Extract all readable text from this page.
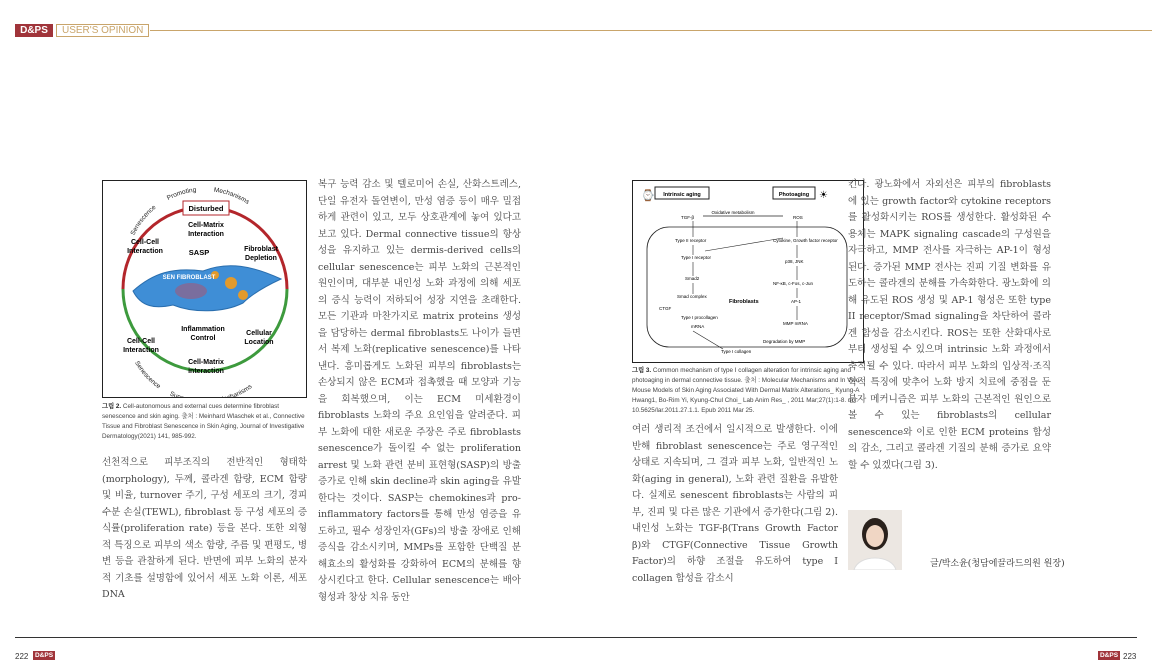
D&PS	USER'S OPINION
Senescence
Promoting	Mechanisms
Senescence
Su	hanisms
Disturbed
Cell-Matrix
Interaction
Cell-Cell
Interaction	SASP	Fibroblast
Depletion
SEN FIBROBLAST
Inflammation
Control
Cellular
Location
Cell-Cell
Interaction
Cell-Matrix
interaction
그림 2. Cell-autonomous and external cues determine fibroblast senescence and skin aging. 출처 : Meinhard Wlaschek et al., Connective Tissue and Fibroblast Senescence in Skin Aging, Journal of Investigative Dermatology(2021) 141, 985-992.

선천적으로 피부조직의 전반적인 형태학(morphology), 두께, 콜라겐 함량, ECM 함량 및 비율, turnover 주기, 구성 세포의 크기, 경피 수분 손실(TEWL), fibroblast 등 구성 세포의 증식률(proliferation rate) 등을 본다. 또한 외형적 특징으로 피부의 색소 함량, 주름 및 편평도, 병변 등을 관찰하게 된다. 반면에 피부 노화의 분자적 기초를 설명함에 있어서 세포 노화 이론, 세포 DNA

복구 능력 감소 및 텔로미어 손실, 산화스트레스, 단일 유전자 돌연변이, 만성 염증 등이 매우 밀접하게 관련이 있고, 모두 상호관계에 놓여 있다고 보고 있다. Dermal connective tissue의 항상성을 유지하고 있는 dermis-derived cells의 cellular senescence는 피부 노화의 근본적인 원인이며, 대부분 내인성 노화 과정에 의해 세포의 증식 능력이 저하되어 성장 지연을 초래한다. 모든 기관과 마찬가지로 matrix proteins 생성을 담당하는 dermal fibroblasts도 나이가 들면서 복제 노화(replicative senescence)를 나타낸다. 흥미롭게도 노화된 피부의 fibroblasts는 손상되지 않은 ECM과 접촉했을 때 모양과 기능을 회복했으며, 이는 ECM 미세환경이 fibroblasts 노화의 주요 요인임을 알려준다. 피부 노화에 대한 새로운 주장은 주로 fibroblasts senescence가 돌이킬 수 없는 proliferation arrest 및 노화 관련 분비 표현형(SASP)의 방출 증가로 인해 skin decline과 skin aging을 유발한다는 것이다. SASP는 chemokines과 pro-inflammatory factors를 통해 만성 염증을 유도하고, 필수 성장인자(GFs)의 방출 장애로 인해 증식을 감소시키며, MMPs를 포함한 단백질 분해효소의 활성화를 강화하여 ECM의 분해를 향상시킨다고 한다. Cellular senescence는 배아 형성과 창상 치유 동안

Intrinsic aging	Photoaging
⌚	☀
Oxidative metabolism
TGF-β	ROS
Type II receptor	Cytokine, Growth factor receptor
Type I receptor
p38, JNK
Smad2
NF-κB, c-Fos, c-Jun
Smad complex
Fibroblasts	AP-1
CTGF
Type I procollagen
MMP mRNA
mRNA
Degradation by MMP
Type I collagen
그림 3. Common mechanism of type I collagen alteration for intrinsic aging and photoaging in dermal connective tissue. 출처 : Molecular Mechanisms and In Vivo Mouse Models of Skin Aging Associated With Dermal Matrix Alterations_ Kyung-A Hwang1, Bo-Rim Yi, Kyung-Chul Choi_ Lab Anim Res_ , 2011 Mar;27(1):1-8. doi: 10.5625/lar.2011.27.1.1. Epub 2011 Mar 25.

여러 생리적 조건에서 일시적으로 발생한다. 이에 반해 fibroblast senescence는 주로 영구적인 상태로 지속되며, 그 결과 피부 노화, 일반적인 노화(aging in general), 노화 관련 질환을 유발한다. 실제로 senescent fibroblasts는 사람의 피부, 진피 및 다른 많은 기관에서 증가한다(그림 2). 내인성 노화는 TGF-β(Trans Growth Factor β)와 CTGF(Connective Tissue Growth Factor)의 하향 조절을 유도하여 type I collagen 합성을 감소시

킨다. 광노화에서 자외선은 피부의 fibroblasts에 있는 growth factor와 cytokine receptors를 활성화시키는 ROS를 생성한다. 활성화된 수용체는 MAPK signaling cascade의 구성원을 자극하고, MMP 전사를 자극하는 AP-1이 형성된다. 증가된 MMP 전사는 진피 기질 변화를 유도하는 콜라겐의 분해를 가속화한다. 광노화에 의해 유도된 ROS 생성 및 AP-1 형성은 또한 type II receptor/Smad signaling을 차단하여 콜라겐 합성을 감소시킨다. ROS는 또한 산화대사로부터 생성될 수 있으며 intrinsic 노화 과정에서 축적될 수 있다. 따라서 피부 노화의 입상적·조직학적 특징에 맞추어 노화 방지 치료에 중점을 둔 분자 메커니즘은 피부 노화의 근본적인 원인으로 볼 수 있는 fibroblasts의 cellular senescence와 이로 인한 ECM proteins 합성의 감소, 그리고 콜라겐 기질의 분해 증가로 요약할 수 있겠다(그림 3).

글/박소윤(청담에끌라드의원 원장)
222	D&PS	D&PS 223
